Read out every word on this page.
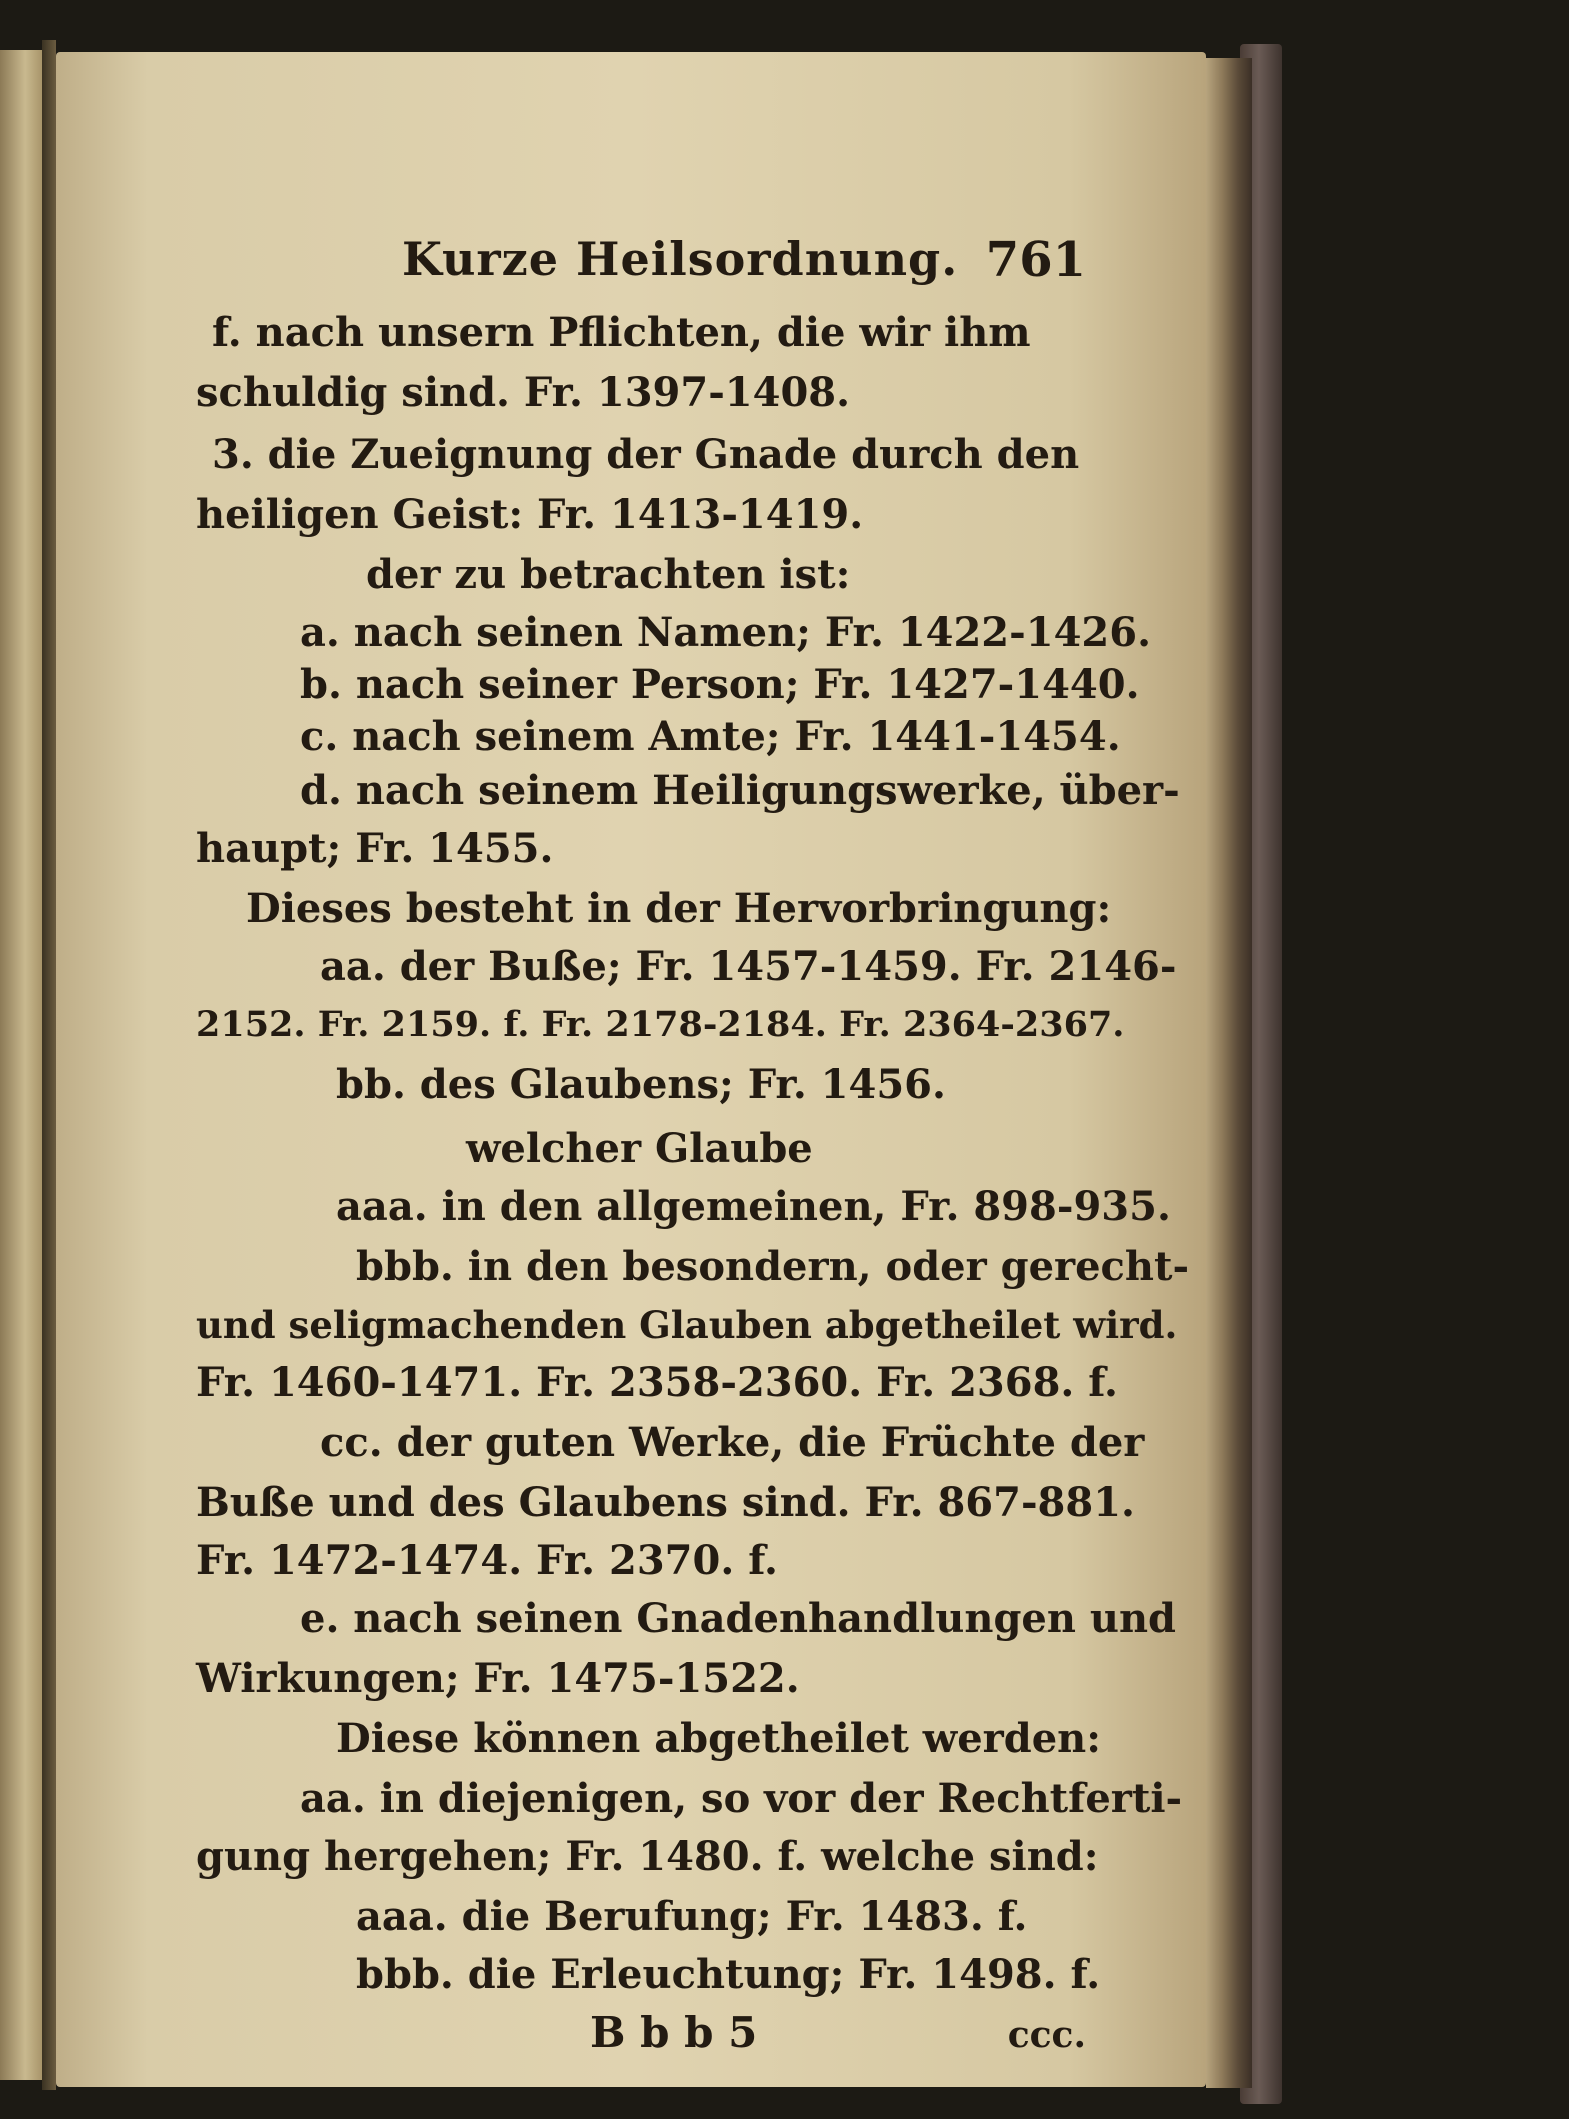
Kurze Heilsordnung. 761
f. nach unsern Pflichten, die wir ihm
schuldig sind. Fr. 1397-1408.
3. die Zueignung der Gnade durch den
heiligen Geist: Fr. 1413-1419.
der zu betrachten ist:
a. nach seinen Namen; Fr. 1422-1426.
b. nach seiner Person; Fr. 1427-1440.
c. nach seinem Amte; Fr. 1441-1454.
d. nach seinem Heiligungswerke, über-
haupt; Fr. 1455.
Dieses besteht in der Hervorbringung:
aa. der Buße; Fr. 1457-1459. Fr. 2146-
2152. Fr. 2159. f. Fr. 2178-2184. Fr. 2364-2367.
bb. des Glaubens; Fr. 1456.
welcher Glaube
aaa. in den allgemeinen, Fr. 898-935.
bbb. in den besondern, oder gerecht-
und seligmachenden Glauben abgetheilet wird.
Fr. 1460-1471. Fr. 2358-2360. Fr. 2368. f.
cc. der guten Werke, die Früchte der
Buße und des Glaubens sind. Fr. 867-881.
Fr. 1472-1474. Fr. 2370. f.
e. nach seinen Gnadenhandlungen und
Wirkungen; Fr. 1475-1522.
Diese können abgetheilet werden:
aa. in diejenigen, so vor der Rechtferti-
gung hergehen; Fr. 1480. f. welche sind:
aaa. die Berufung; Fr. 1483. f.
bbb. die Erleuchtung; Fr. 1498. f.
B b b 5	ccc.
